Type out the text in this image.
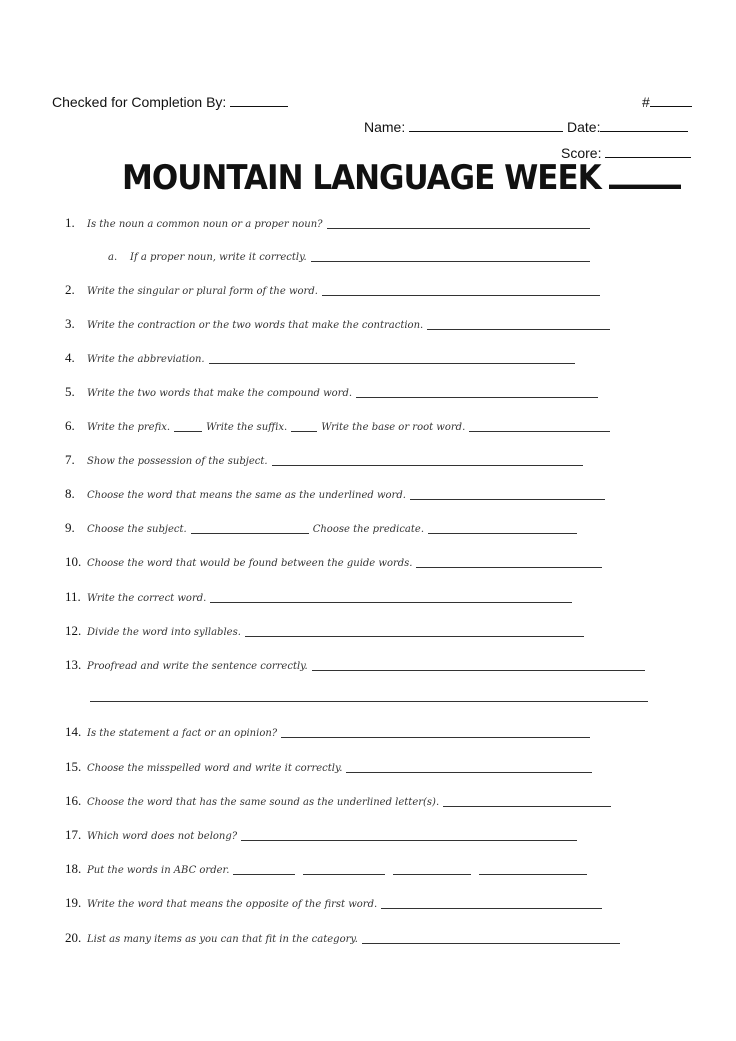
Checked for Completion By:	#
Name:	Date:
Score:
MOUNTAIN LANGUAGE WEEK
1.	Is the noun a common noun or a proper noun?
a.	If a proper noun, write it correctly.
2.	Write the singular or plural form of the word.
3.	Write the contraction or the two words that make the contraction.
4.	Write the abbreviation.
5.	Write the two words that make the compound word.
6.	Write the prefix.	Write the suffix.	Write the base or root word.
7.	Show the possession of the subject.
8.	Choose the word that means the same as the underlined word.
9.	Choose the subject.	Choose the predicate.
10. Choose the word that would be found between the guide words.
11. Write the correct word.
12. Divide the word into syllables.
13. Proofread and write the sentence correctly.
14. Is the statement a fact or an opinion?
15. Choose the misspelled word and write it correctly.
16. Choose the word that has the same sound as the underlined letter(s).
17. Which word does not belong?
18. Put the words in ABC order.
19. Write the word that means the opposite of the first word.
20. List as many items as you can that fit in the category.
